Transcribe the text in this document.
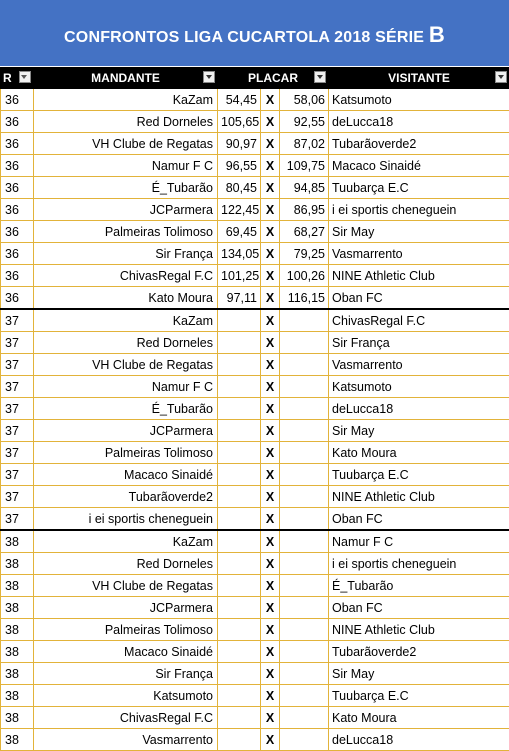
CONFRONTOS LIGA CUCARTOLA 2018 SÉRIE B
R	MANDANTE	PLACAR			VISITANTE

36	KaZam	54,45	X	58,06	Katsumoto
36	Red Dorneles	105,65	X	92,55	deLucca18
36	VH Clube de Regatas	90,97	X	87,02	Tubarãoverde2
36	Namur F C	96,55	X	109,75	Macaco Sinaidé
36	É_Tubarão	80,45	X	94,85	Tuubarça E.C
36	JCParmera	122,45	X	86,95	i ei sportis cheneguein
36	Palmeiras Tolimoso	69,45	X	68,27	Sir May
36	Sir França	134,05	X	79,25	Vasmarrento
36	ChivasRegal F.C	101,25	X	100,26	NINE Athletic Club
36	Kato Moura	97,11	X	116,15	Oban FC
37	KaZam		X		ChivasRegal F.C
37	Red Dorneles		X		Sir França
37	VH Clube de Regatas		X		Vasmarrento
37	Namur F C		X		Katsumoto
37	É_Tubarão		X		deLucca18
37	JCParmera		X		Sir May
37	Palmeiras Tolimoso		X		Kato Moura
37	Macaco Sinaidé		X		Tuubarça E.C
37	Tubarãoverde2		X		NINE Athletic Club
37	i ei sportis cheneguein		X		Oban FC
38	KaZam		X		Namur F C
38	Red Dorneles		X		i ei sportis cheneguein
38	VH Clube de Regatas		X		É_Tubarão
38	JCParmera		X		Oban FC
38	Palmeiras Tolimoso		X		NINE Athletic Club
38	Macaco Sinaidé		X		Tubarãoverde2
38	Sir França		X		Sir May
38	Katsumoto		X		Tuubarça E.C
38	ChivasRegal F.C		X		Kato Moura
38	Vasmarrento		X		deLucca18
